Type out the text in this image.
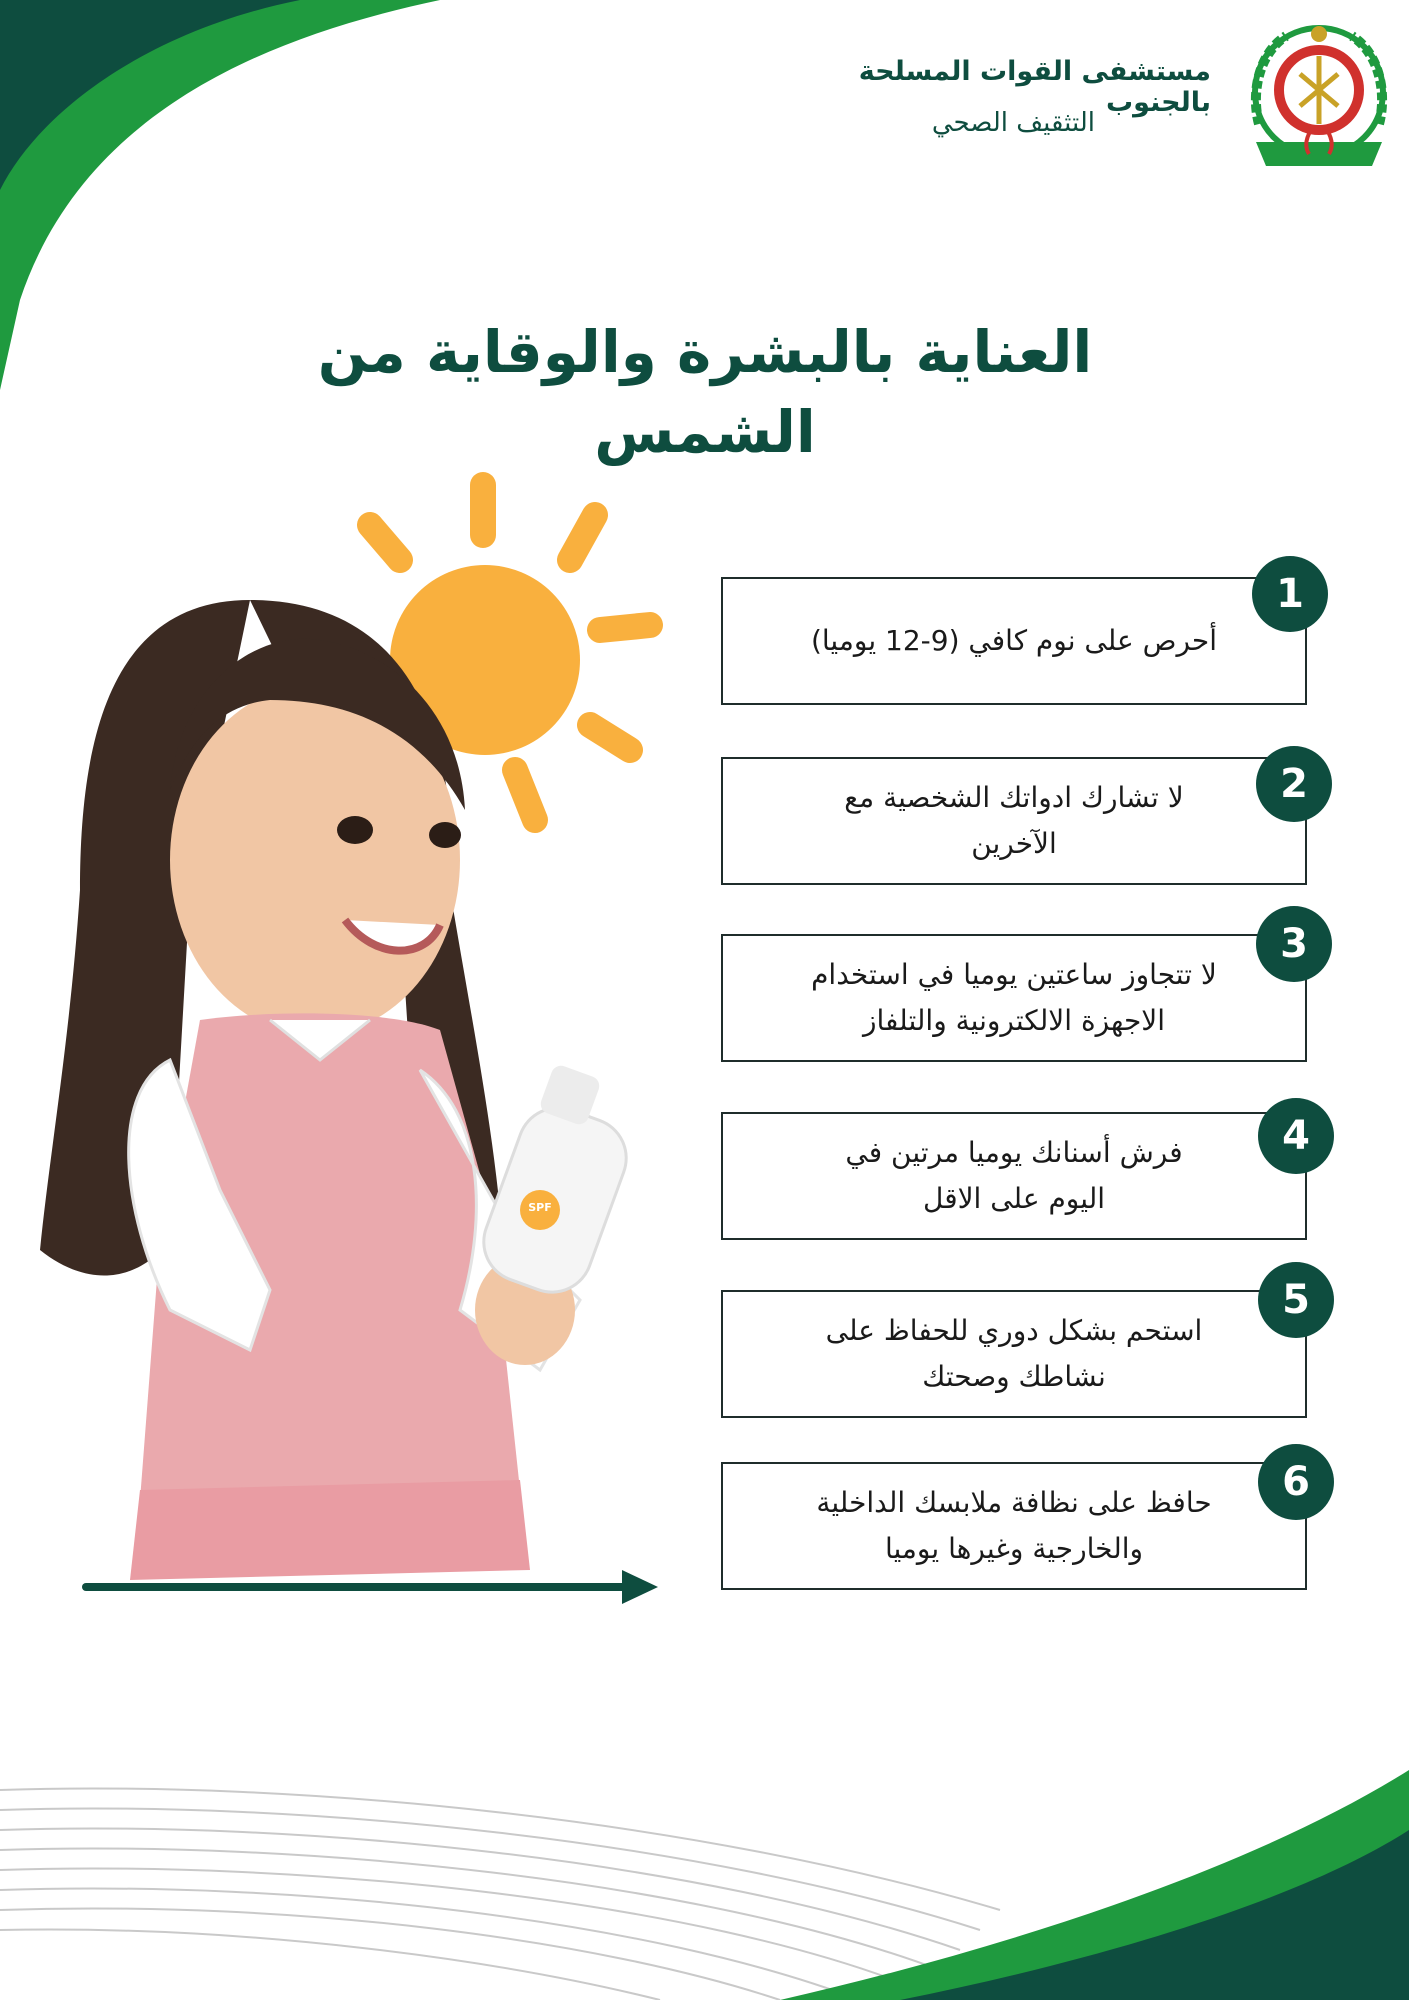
مستشفى القوات المسلحة بالجنوب
التثقيف الصحي
العناية بالبشرة والوقاية من الشمس
SPF
أحرص على نوم كافي (9-12 يوميا)
1
لا تشارك ادواتك الشخصية مع الآخرين
2
لا تتجاوز ساعتين يوميا في استخدام الاجهزة الالكترونية والتلفاز
3
فرش أسنانك يوميا مرتين في اليوم على الاقل
4
استحم بشكل دوري للحفاظ على نشاطك وصحتك
5
حافظ على نظافة ملابسك الداخلية والخارجية وغيرها يوميا
6
